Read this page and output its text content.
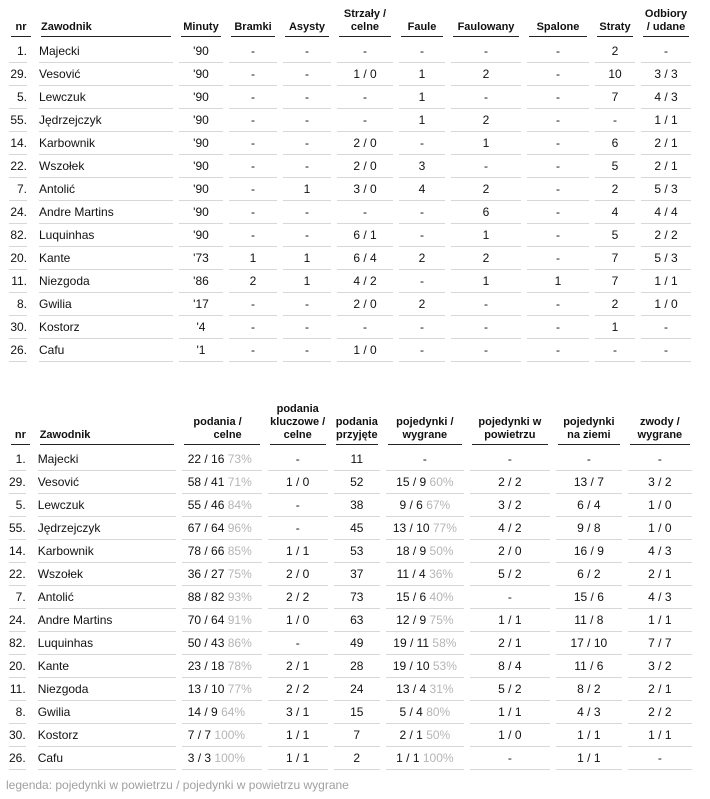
nr	Zawodnik	Minuty	Bramki	Asysty	Strzały / celne	Faule	Faulowany	Spalone	Straty	Odbiory / udane

1.	Majecki	'90	-	-	-	-	-	-	2	-

29.	Vesović	'90	-	-	1 / 0	1	2	-	10	3 / 3

5.	Lewczuk	'90	-	-	-	1	-	-	7	4 / 3

55.	Jędrzejczyk	'90	-	-	-	1	2	-	-	1 / 1

14.	Karbownik	'90	-	-	2 / 0	-	1	-	6	2 / 1

22.	Wszołek	'90	-	-	2 / 0	3	-	-	5	2 / 1

7.	Antolić	'90	-	1	3 / 0	4	2	-	2	5 / 3

24.	Andre Martins	'90	-	-	-	-	6	-	4	4 / 4

82.	Luquinhas	'90	-	-	6 / 1	-	1	-	5	2 / 2

20.	Kante	'73	1	1	6 / 4	2	2	-	7	5 / 3

11.	Niezgoda	'86	2	1	4 / 2	-	1	1	7	1 / 1

8.	Gwilia	'17	-	-	2 / 0	2	-	-	2	1 / 0

30.	Kostorz	'4	-	-	-	-	-	-	1	-

26.	Cafu	'1	-	-	1 / 0	-	-	-	-	-
nr	Zawodnik	podania / celne	podania kluczowe / celne	podania przyjęte	pojedynki / wygrane	pojedynki w powietrzu	pojedynki na ziemi	zwody / wygrane

1.	Majecki	22 / 16 73%	-	11	-	-	-	-

29.	Vesović	58 / 41 71%	1 / 0	52	15 / 9 60%	2 / 2	13 / 7	3 / 2

5.	Lewczuk	55 / 46 84%	-	38	9 / 6 67%	3 / 2	6 / 4	1 / 0

55.	Jędrzejczyk	67 / 64 96%	-	45	13 / 10 77%	4 / 2	9 / 8	1 / 0

14.	Karbownik	78 / 66 85%	1 / 1	53	18 / 9 50%	2 / 0	16 / 9	4 / 3

22.	Wszołek	36 / 27 75%	2 / 0	37	11 / 4 36%	5 / 2	6 / 2	2 / 1

7.	Antolić	88 / 82 93%	2 / 2	73	15 / 6 40%	-	15 / 6	4 / 3

24.	Andre Martins	70 / 64 91%	1 / 0	63	12 / 9 75%	1 / 1	11 / 8	1 / 1

82.	Luquinhas	50 / 43 86%	-	49	19 / 11 58%	2 / 1	17 / 10	7 / 7

20.	Kante	23 / 18 78%	2 / 1	28	19 / 10 53%	8 / 4	11 / 6	3 / 2

11.	Niezgoda	13 / 10 77%	2 / 2	24	13 / 4 31%	5 / 2	8 / 2	2 / 1

8.	Gwilia	14 / 9 64%	3 / 1	15	5 / 4 80%	1 / 1	4 / 3	2 / 2

30.	Kostorz	7 / 7 100%	1 / 1	7	2 / 1 50%	1 / 0	1 / 1	1 / 1

26.	Cafu	3 / 3 100%	1 / 1	2	1 / 1 100%	-	1 / 1	-
legenda: pojedynki w powietrzu / pojedynki w powietrzu wygrane
